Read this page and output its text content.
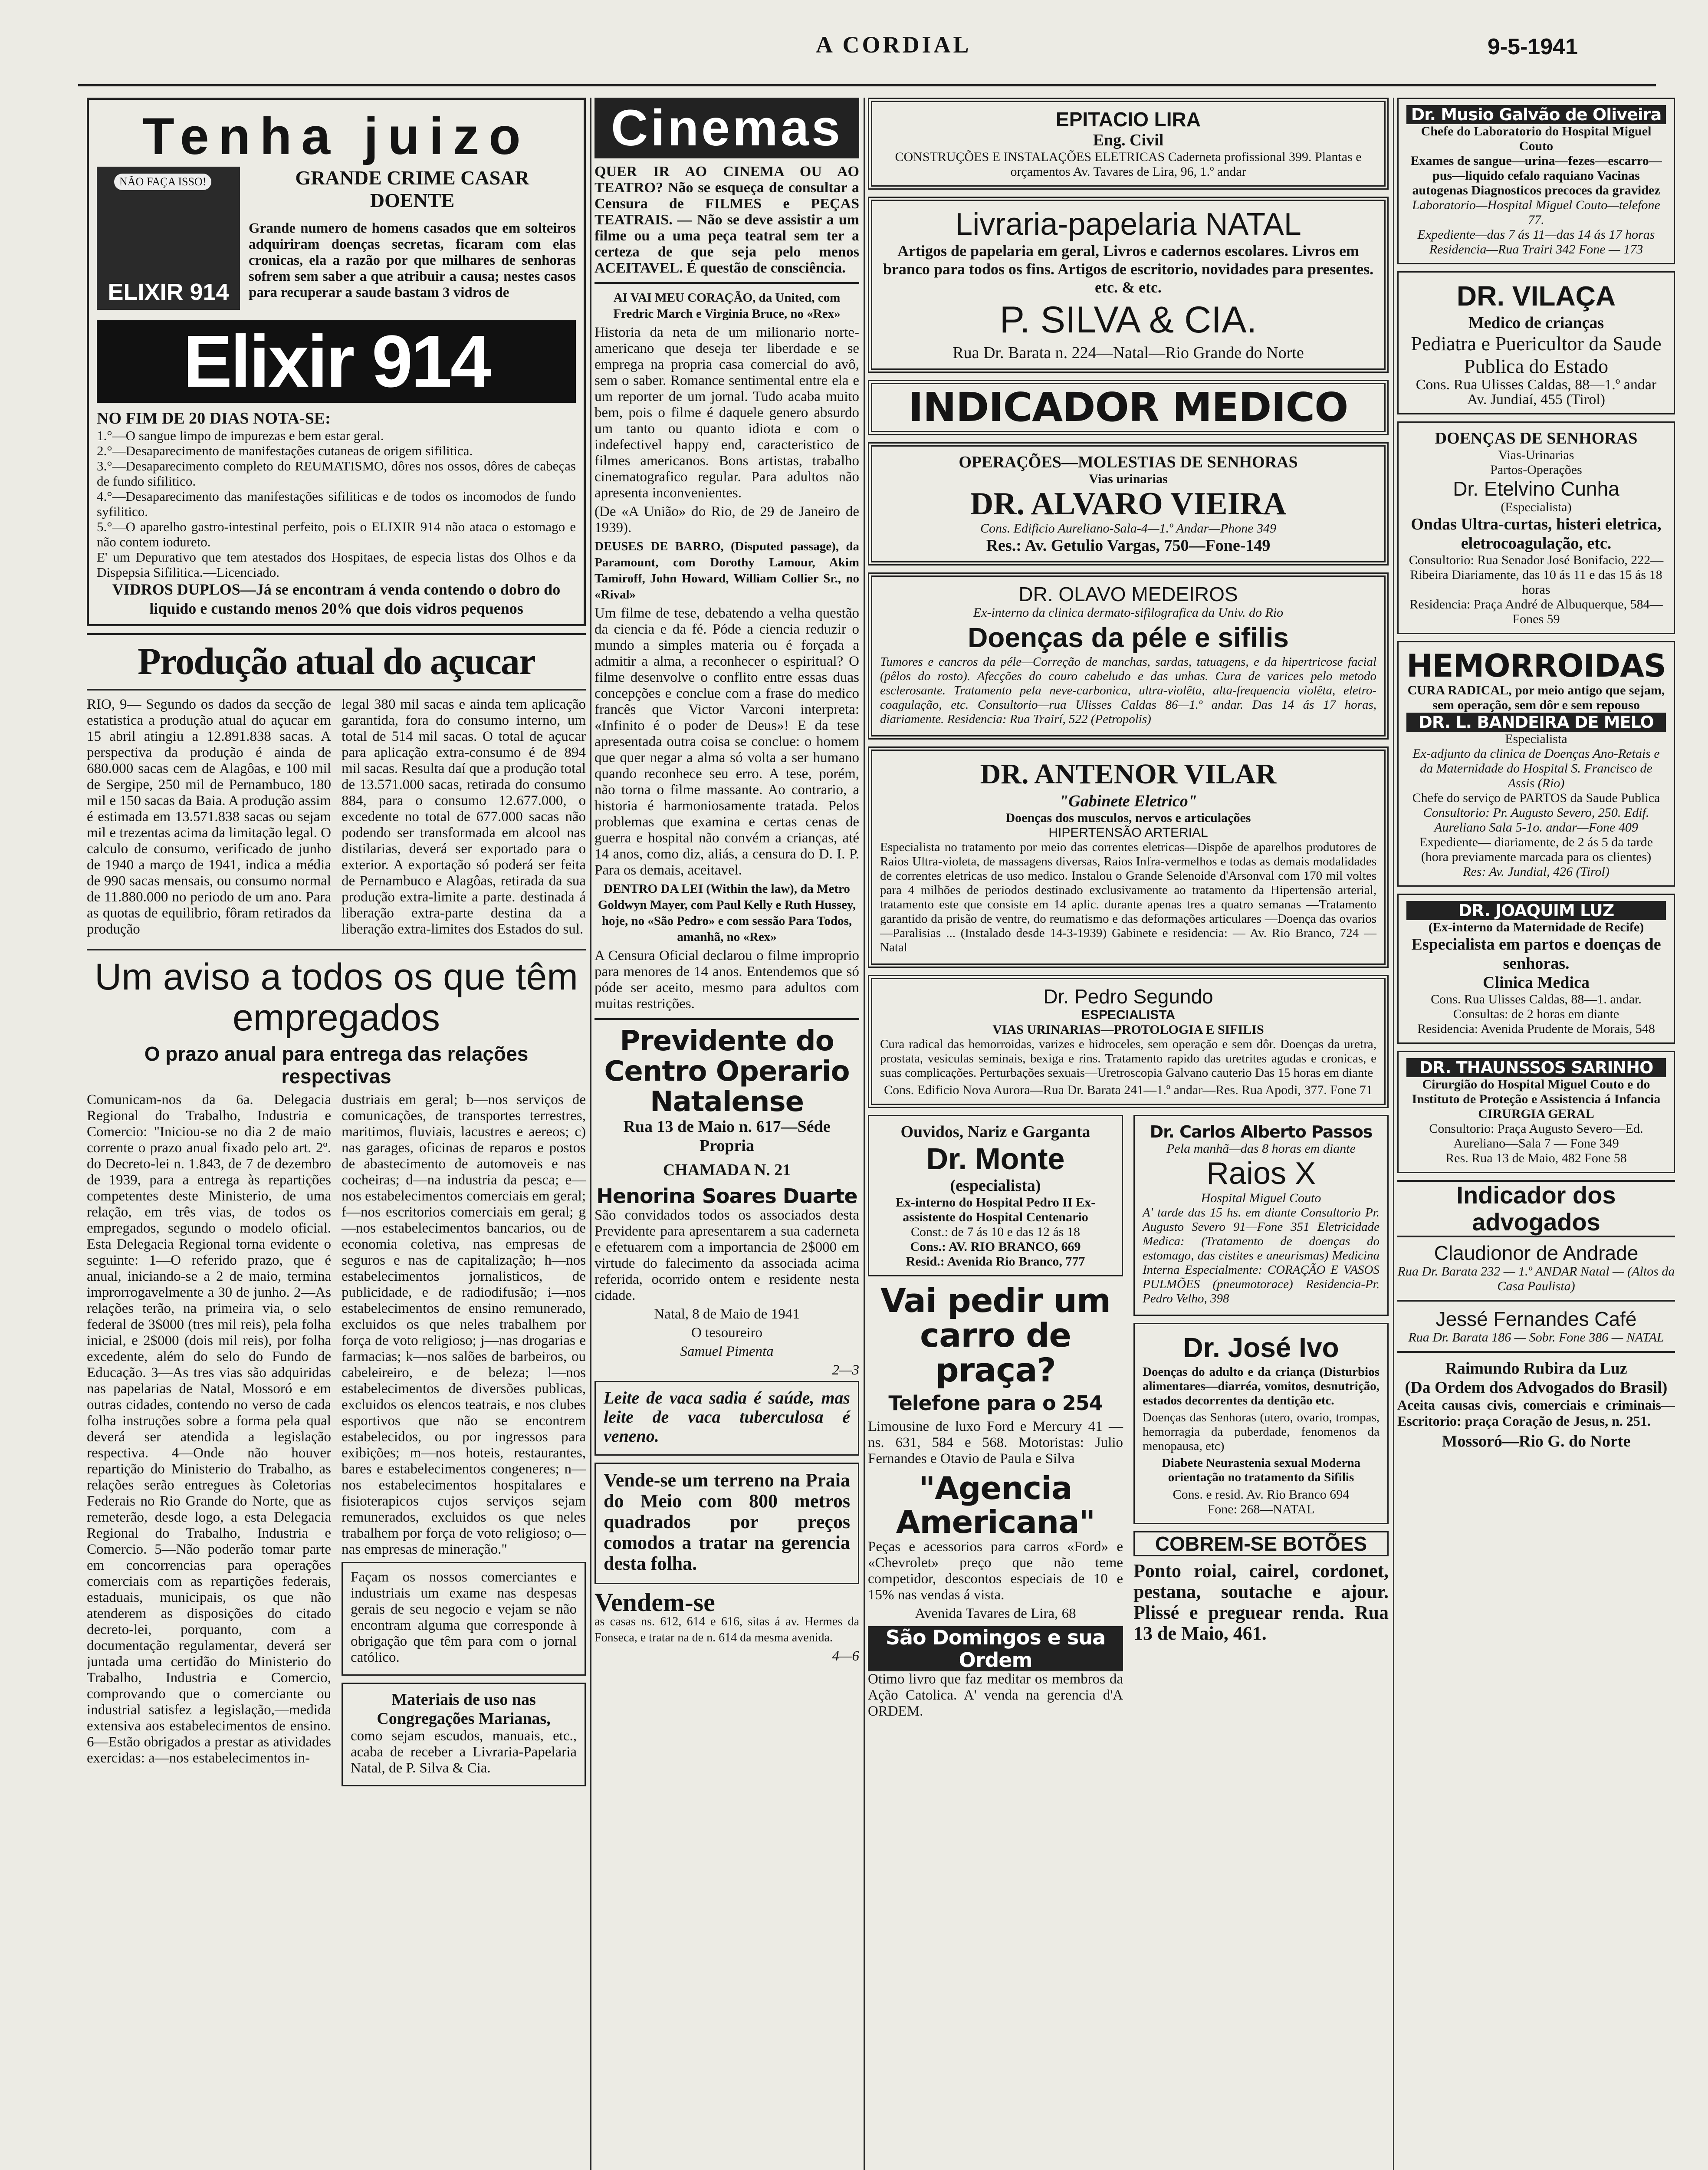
A CORDIAL	9-5-1941
Tenha juizo
NÃO FAÇA ISSO!
ELIXIR 914
GRANDE CRIME CASAR
DOENTE

Grande numero de homens casados que em solteiros adquiriram doenças secretas, ficaram com elas cronicas, ela a razão por que milhares de senhoras sofrem sem saber a que atribuir a causa; nestes casos para recuperar a saude bastam 3 vidros de

Elixir 914
NO FIM DE 20 DIAS NOTA-SE:
1.°—O sangue limpo de impurezas e bem estar geral.
2.°—Desaparecimento de manifestações cutaneas de origem sifilitica.
3.°—Desaparecimento completo do REUMATISMO, dôres nos ossos, dôres de cabeças de fundo sifilitico.
4.°—Desaparecimento das manifestações sifiliticas e de todos os incomodos de fundo syfilitico.
5.°—O aparelho gastro-intestinal perfeito, pois o ELIXIR 914 não ataca o estomago e não contem iodureto.
E' um Depurativo que tem atestados dos Hospitaes, de especia listas dos Olhos e da Dispepsia Sifilitica.—Licenciado.
VIDROS DUPLOS—Já se encontram á venda contendo o dobro do liquido e custando menos 20% que dois vidros pequenos
Produção atual do açucar

RIO, 9— Segundo os dados da secção de estatistica a produção atual do açucar em 15 abril atingiu a 12.891.838 sacas. A perspectiva da produção é ainda de 680.000 sacas cem de Alagôas, e 100 mil de Sergipe, 250 mil de Pernambuco, 180 mil e 150 sacas da Baia. A produção assim é estimada em 13.571.838 sacas ou sejam mil e trezentas acima da limitação legal. O calculo de consumo, verificado de junho de 1940 a março de 1941, indica a média de 990 sacas mensais, ou consumo normal de 11.880.000 no periodo de um ano. Para as quotas de equilibrio, fôram retirados da produção

legal 380 mil sacas e ainda tem aplicação garantida, fora do consumo interno, um total de 514 mil sacas. O total de açucar para aplicação extra-consumo é de 894 mil sacas. Resulta daí que a produção total de 13.571.000 sacas, retirada do consumo 884, para o consumo 12.677.000, o excedente no total de 677.000 sacas não podendo ser transformada em alcool nas distilarias, deverá ser exportado para o exterior. A exportação só poderá ser feita de Pernambuco e Alagôas, retirada da sua produção extra-limite a parte. destinada á liberação extra-parte destina da a liberação extra-limites dos Estados do sul.

Um aviso a todos os que têm empregados
O prazo anual para entrega das relações respectivas

Comunicam-nos da 6a. Delegacia Regional do Trabalho, Industria e Comercio: "Iniciou-se no dia 2 de maio corrente o prazo anual fixado pelo art. 2º. do Decreto-lei n. 1.843, de 7 de dezembro de 1939, para a entrega às repartições competentes deste Ministerio, de uma relação, em três vias, de todos os empregados, segundo o modelo oficial. Esta Delegacia Regional torna evidente o seguinte: 1—O referido prazo, que é anual, iniciando-se a 2 de maio, termina improrrogavelmente a 30 de junho. 2—As relações terão, na primeira via, o selo federal de 3$000 (tres mil reis), pela folha inicial, e 2$000 (dois mil reis), por folha excedente, além do selo do Fundo de Educação. 3—As tres vias são adquiridas nas papelarias de Natal, Mossoró e em outras cidades, contendo no verso de cada folha instruções sobre a forma pela qual deverá ser atendida a legislação respectiva. 4—Onde não houver repartição do Ministerio do Trabalho, as relações serão entregues às Coletorias Federais no Rio Grande do Norte, que as remeterão, desde logo, a esta Delegacia Regional do Trabalho, Industria e Comercio. 5—Não poderão tomar parte em concorrencias para operações comerciais com as repartições federais, estaduais, municipais, os que não atenderem as disposições do citado decreto-lei, porquanto, com a documentação regulamentar, deverá ser juntada uma certidão do Ministerio do Trabalho, Industria e Comercio, comprovando que o comerciante ou industrial satisfez a legislação,—medida extensiva aos estabelecimentos de ensino. 6—Estão obrigados a prestar as atividades exercidas: a—nos estabelecimentos in-

dustriais em geral; b—nos serviços de comunicações, de transportes terrestres, maritimos, fluviais, lacustres e aereos; c) nas garages, oficinas de reparos e postos de abastecimento de automoveis e nas cocheiras; d—na industria da pesca; e—nos estabelecimentos comerciais em geral; f—nos escritorios comerciais em geral; g—nos estabelecimentos bancarios, ou de economia coletiva, nas empresas de seguros e nas de capitalização; h—nos estabelecimentos jornalisticos, de publicidade, e de radiodifusão; i—nos estabelecimentos de ensino remunerado, excluidos os que neles trabalhem por força de voto religioso; j—nas drogarias e farmacias; k—nos salões de barbeiros, ou cabeleireiro, e de beleza; l—nos estabelecimentos de diversões publicas, excluidos os elencos teatrais, e nos clubes esportivos que não se encontrem estabelecidos, ou por ingressos para exibições; m—nos hoteis, restaurantes, bares e estabelecimentos congeneres; n—nos estabelecimentos hospitalares e fisioterapicos cujos serviços sejam remunerados, excluidos os que neles trabalhem por força de voto religioso; o—nas empresas de mineração."

Façam os nossos comerciantes e industriais um exame nas despesas gerais de seu negocio e vejam se não encontram alguma que corresponde à obrigação que têm para com o jornal católico.

Materiais de uso nas Congregações Marianas,

como sejam escudos, manuais, etc., acaba de receber a Livraria-Papelaria Natal, de P. Silva & Cia.

Cinemas

QUER IR AO CINEMA OU AO TEATRO? Não se esqueça de consultar a Censura de FILMES e PEÇAS TEATRAIS. — Não se deve assistir a um filme ou a uma peça teatral sem ter a certeza de que seja pelo menos ACEITAVEL. É questão de consciência.

AI VAI MEU CORAÇÃO, da United, com Fredric March e Virginia Bruce, no «Rex»

Historia da neta de um milionario norte-americano que deseja ter liberdade e se emprega na propria casa comercial do avô, sem o saber. Romance sentimental entre ela e um reporter de um jornal. Tudo acaba muito bem, pois o filme é daquele genero absurdo um tanto ou quanto idiota e com o indefectivel happy end, caracteristico de filmes americanos. Bons artistas, trabalho cinematografico regular. Para adultos não apresenta inconvenientes.

(De «A União» do Rio, de 29 de Janeiro de 1939).

DEUSES DE BARRO, (Disputed passage), da Paramount, com Dorothy Lamour, Akim Tamiroff, John Howard, William Collier Sr., no «Rival»

Um filme de tese, debatendo a velha questão da ciencia e da fé. Póde a ciencia reduzir o mundo a simples materia ou é forçada a admitir a alma, a reconhecer o espiritual? O filme desenvolve o conflito entre essas duas concepções e conclue com a frase do medico francês que Victor Varconi interpreta: «Infinito é o poder de Deus»! E da tese apresentada outra coisa se conclue: o homem que quer negar a alma só volta a ser humano quando reconhece seu erro. A tese, porém, não torna o filme massante. Ao contrario, a historia é harmoniosamente tratada. Pelos problemas que examina e certas cenas de guerra e hospital não convém a crianças, até 14 anos, como diz, aliás, a censura do D. I. P. Para os demais, aceitavel.

DENTRO DA LEI (Within the law), da Metro Goldwyn Mayer, com Paul Kelly e Ruth Hussey, hoje, no «São Pedro» e com sessão Para Todos, amanhã, no «Rex»

A Censura Oficial declarou o filme improprio para menores de 14 anos. Entendemos que só póde ser aceito, mesmo para adultos com muitas restrições.

Previdente do Centro Operario Natalense
Rua 13 de Maio n. 617—Séde Propria
CHAMADA N. 21
Henorina Soares Duarte

São convidados todos os associados desta Previdente para apresentarem a sua caderneta e efetuarem com a importancia de 2$000 em virtude do falecimento da associada acima referida, ocorrido ontem e residente nesta cidade.

Natal, 8 de Maio de 1941

O tesoureiro

Samuel Pimenta

2—3

Leite de vaca sadia é saúde, mas leite de vaca tuberculosa é veneno.

Vende-se um terreno na Praia do Meio com 800 metros quadrados por preços comodos a tratar na gerencia desta folha.

Vendem-se

as casas ns. 612, 614 e 616, sitas á av. Hermes da Fonseca, e tratar na de n. 614 da mesma avenida.

4—6

EPITACIO LIRA
Eng. Civil
CONSTRUÇÕES E INSTALAÇÕES ELETRICAS Caderneta profissional 399. Plantas e orçamentos Av. Tavares de Lira, 96, 1.º andar
Livraria-papelaria NATAL

Artigos de papelaria em geral, Livros e cadernos escolares. Livros em branco para todos os fins. Artigos de escritorio, novidades para presentes. etc. & etc.

P. SILVA & CIA.
Rua Dr. Barata n. 224—Natal—Rio Grande do Norte
INDICADOR MEDICO
OPERAÇÕES—MOLESTIAS DE SENHORAS
Vias urinarias
DR. ALVARO VIEIRA
Cons. Edificio Aureliano-Sala-4—1.º Andar—Phone 349
Res.: Av. Getulio Vargas, 750—Fone-149
DR. OLAVO MEDEIROS
Ex-interno da clinica dermato-sifilografica da Univ. do Rio
Doenças da péle e sifilis

Tumores e cancros da péle—Correção de manchas, sardas, tatuagens, e da hipertricose facial (pêlos do rosto). Afecções do couro cabeludo e das unhas. Cura de varices pelo metodo esclerosante. Tratamento pela neve-carbonica, ultra-violêta, alta-frequencia violêta, eletro-coagulação, etc. Consultorio—rua Ulisses Caldas 86—1.º andar. Das 14 ás 17 horas, diariamente. Residencia: Rua Trairí, 522 (Petropolis)

DR. ANTENOR VILAR
"Gabinete Eletrico"
Doenças dos musculos, nervos e articulações
HIPERTENSÃO ARTERIAL

Especialista no tratamento por meio das correntes eletricas—Dispõe de aparelhos produtores de Raios Ultra-violeta, de massagens diversas, Raios Infra-vermelhos e todas as demais modalidades de correntes eletricas de uso medico. Instalou o Grande Selenoide d'Arsonval com 170 mil voltes para 4 milhões de periodos destinado exclusivamente ao tratamento da Hipertensão arterial, tratamento este que consiste em 14 aplic. durante apenas tres a quatro semanas —Tratamento garantido da prisão de ventre, do reumatismo e das deformações articulares —Doença das ovarios—Paralisias ... (Instalado desde 14-3-1939) Gabinete e residencia: — Av. Rio Branco, 724 — Natal

Dr. Pedro Segundo
ESPECIALISTA
VIAS URINARIAS—PROTOLOGIA E SIFILIS

Cura radical das hemorroidas, varizes e hidroceles, sem operação e sem dôr. Doenças da uretra, prostata, vesiculas seminais, bexiga e rins. Tratamento rapido das uretrites agudas e cronicas, e suas complicações. Perturbações sexuais—Uretroscopia Galvano cauterio Das 15 horas em diante

Cons. Edificio Nova Aurora—Rua Dr. Barata 241—1.º andar—Res. Rua Apodi, 377. Fone 71
Ouvidos, Nariz e Garganta
Dr. Monte
(especialista)
Ex-interno do Hospital Pedro II Ex-assistente do Hospital Centenario
Const.: de 7 ás 10 e das 12 ás 18
Cons.: AV. RIO BRANCO, 669
Resid.: Avenida Rio Branco, 777
Vai pedir um carro de praça?
Telefone para o 254

Limousine de luxo Ford e Mercury 41 — ns. 631, 584 e 568. Motoristas: Julio Fernandes e Otavio de Paula e Silva

"Agencia Americana"

Peças e acessorios para carros «Ford» e «Chevrolet» preço que não teme competidor, descontos especiais de 10 e 15% nas vendas á vista.

Avenida Tavares de Lira, 68

São Domingos e sua Ordem

Otimo livro que faz meditar os membros da Ação Catolica. A' venda na gerencia d'A ORDEM.

Dr. Carlos Alberto Passos
Pela manhã—das 8 horas em diante
Raios X
Hospital Miguel Couto

A' tarde das 15 hs. em diante Consultorio Pr. Augusto Severo 91—Fone 351 Eletricidade Medica: (Tratamento de doenças do estomago, das cistites e aneurismas) Medicina Interna Especialmente: CORAÇÃO E VASOS PULMÕES (pneumotorace) Residencia-Pr. Pedro Velho, 398

Dr. José Ivo

Doenças do adulto e da criança (Disturbios alimentares—diarréa, vomitos, desnutrição, estados decorrentes da dentição etc.

Doenças das Senhoras (utero, ovario, trompas, hemorragia da puberdade, fenomenos da menopausa, etc)

Diabete Neurastenia sexual Moderna orientação no tratamento da Sifilis

Cons. e resid. Av. Rio Branco 694
Fone: 268—NATAL
COBREM-SE BOTÕES

Ponto roial, cairel, cordonet, pestana, soutache e ajour. Plissé e preguear renda. Rua 13 de Maio, 461.

Dr. Musio Galvão de Oliveira
Chefe do Laboratorio do Hospital Miguel Couto
Exames de sangue—urina—fezes—escarro—pus—liquido cefalo raquiano Vacinas autogenas Diagnosticos precoces da gravidez
Laboratorio—Hospital Miguel Couto—telefone 77.
Expediente—das 7 ás 11—das 14 ás 17 horas
Residencia—Rua Trairi 342 Fone — 173
DR. VILAÇA
Medico de crianças
Pediatra e Puericultor da Saude Publica do Estado
Cons. Rua Ulisses Caldas, 88—1.º andar
Av. Jundiaí, 455 (Tirol)
DOENÇAS DE SENHORAS
Vias-Urinarias
Partos-Operações
Dr. Etelvino Cunha
(Especialista)
Ondas Ultra-curtas, histeri eletrica, eletrocoagulação, etc.
Consultorio: Rua Senador José Bonifacio, 222—Ribeira Diariamente, das 10 ás 11 e das 15 ás 18 horas
Residencia: Praça André de Albuquerque, 584—Fones 59
HEMORROIDAS
CURA RADICAL, por meio antigo que sejam, sem operação, sem dôr e sem repouso
DR. L. BANDEIRA DE MELO
Especialista
Ex-adjunto da clinica de Doenças Ano-Retais e da Maternidade do Hospital S. Francisco de Assis (Rio)
Chefe do serviço de PARTOS da Saude Publica
Consultorio: Pr. Augusto Severo, 250. Edif. Aureliano Sala 5-1o. andar—Fone 409
Expediente— diariamente, de 2 ás 5 da tarde (hora previamente marcada para os clientes)
Res: Av. Jundial, 426 (Tirol)
DR. JOAQUIM LUZ
(Ex-interno da Maternidade de Recife)
Especialista em partos e doenças de senhoras.
Clinica Medica
Cons. Rua Ulisses Caldas, 88—1. andar. Consultas: de 2 horas em diante
Residencia: Avenida Prudente de Morais, 548
DR. THAUNSSOS SARINHO
Cirurgião do Hospital Miguel Couto e do Instituto de Proteção e Assistencia á Infancia CIRURGIA GERAL
Consultorio: Praça Augusto Severo—Ed. Aureliano—Sala 7 — Fone 349
Res. Rua 13 de Maio, 482 Fone 58
Indicador dos advogados
Claudionor de Andrade
Rua Dr. Barata 232 — 1.º ANDAR Natal — (Altos da Casa Paulista)
Jessé Fernandes Café
Rua Dr. Barata 186 — Sobr. Fone 386 — NATAL
Raimundo Rubira da Luz
(Da Ordem dos Advogados do Brasil)

Aceita causas civis, comerciais e criminais—Escritorio: praça Coração de Jesus, n. 251.

Mossoró—Rio G. do Norte
